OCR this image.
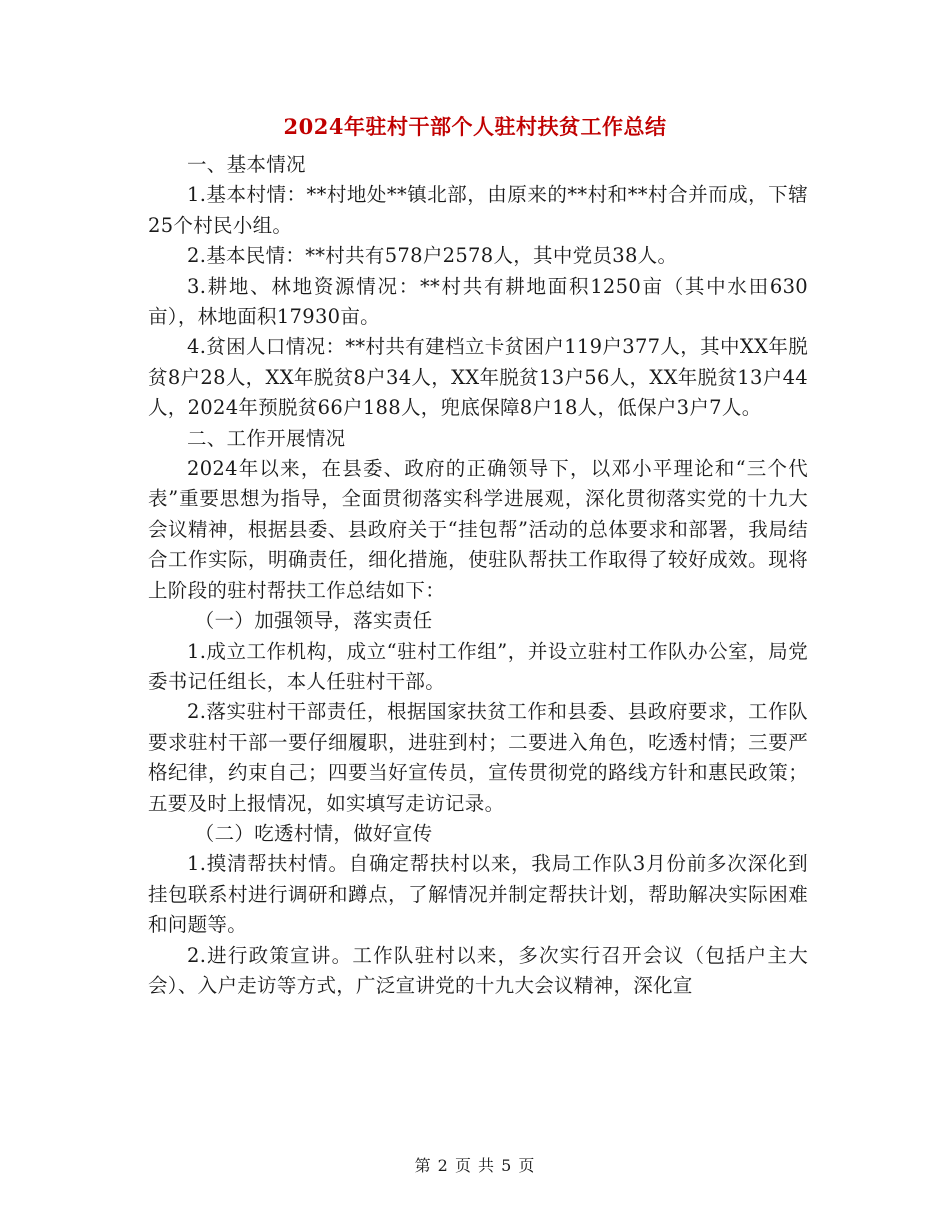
2024年驻村干部个人驻村扶贫工作总结

一、基本情况

1.基本村情：**村地处**镇北部，由原来的**村和**村合并而成，下辖25个村民小组。

2.基本民情：**村共有578户2578人，其中党员38人。

3.耕地、林地资源情况：**村共有耕地面积1250亩（其中水田630亩），林地面积17930亩。

4.贫困人口情况：**村共有建档立卡贫困户119户377人，其中XX年脱贫8户28人，XX年脱贫8户34人，XX年脱贫13户56人，XX年脱贫13户44人，2024年预脱贫66户188人，兜底保障8户18人，低保户3户7人。

二、工作开展情况

2024年以来，在县委、政府的正确领导下，以邓小平理论和“三个代表”重要思想为指导，全面贯彻落实科学进展观，深化贯彻落实党的十九大会议精神，根据县委、县政府关于“挂包帮”活动的总体要求和部署，我局结合工作实际，明确责任，细化措施，使驻队帮扶工作取得了较好成效。现将上阶段的驻村帮扶工作总结如下：

（一）加强领导，落实责任

1.成立工作机构，成立“驻村工作组”，并设立驻村工作队办公室，局党委书记任组长，本人任驻村干部。

2.落实驻村干部责任，根据国家扶贫工作和县委、县政府要求，工作队要求驻村干部一要仔细履职，进驻到村；二要进入角色，吃透村情；三要严格纪律，约束自己；四要当好宣传员，宣传贯彻党的路线方针和惠民政策；五要及时上报情况，如实填写走访记录。

（二）吃透村情，做好宣传

1.摸清帮扶村情。自确定帮扶村以来，我局工作队3月份前多次深化到挂包联系村进行调研和蹲点，了解情况并制定帮扶计划，帮助解决实际困难和问题等。

2.进行政策宣讲。工作队驻村以来，多次实行召开会议（包括户主大会）、入户走访等方式，广泛宣讲党的十九大会议精神，深化宣

第 2 页 共 5 页
